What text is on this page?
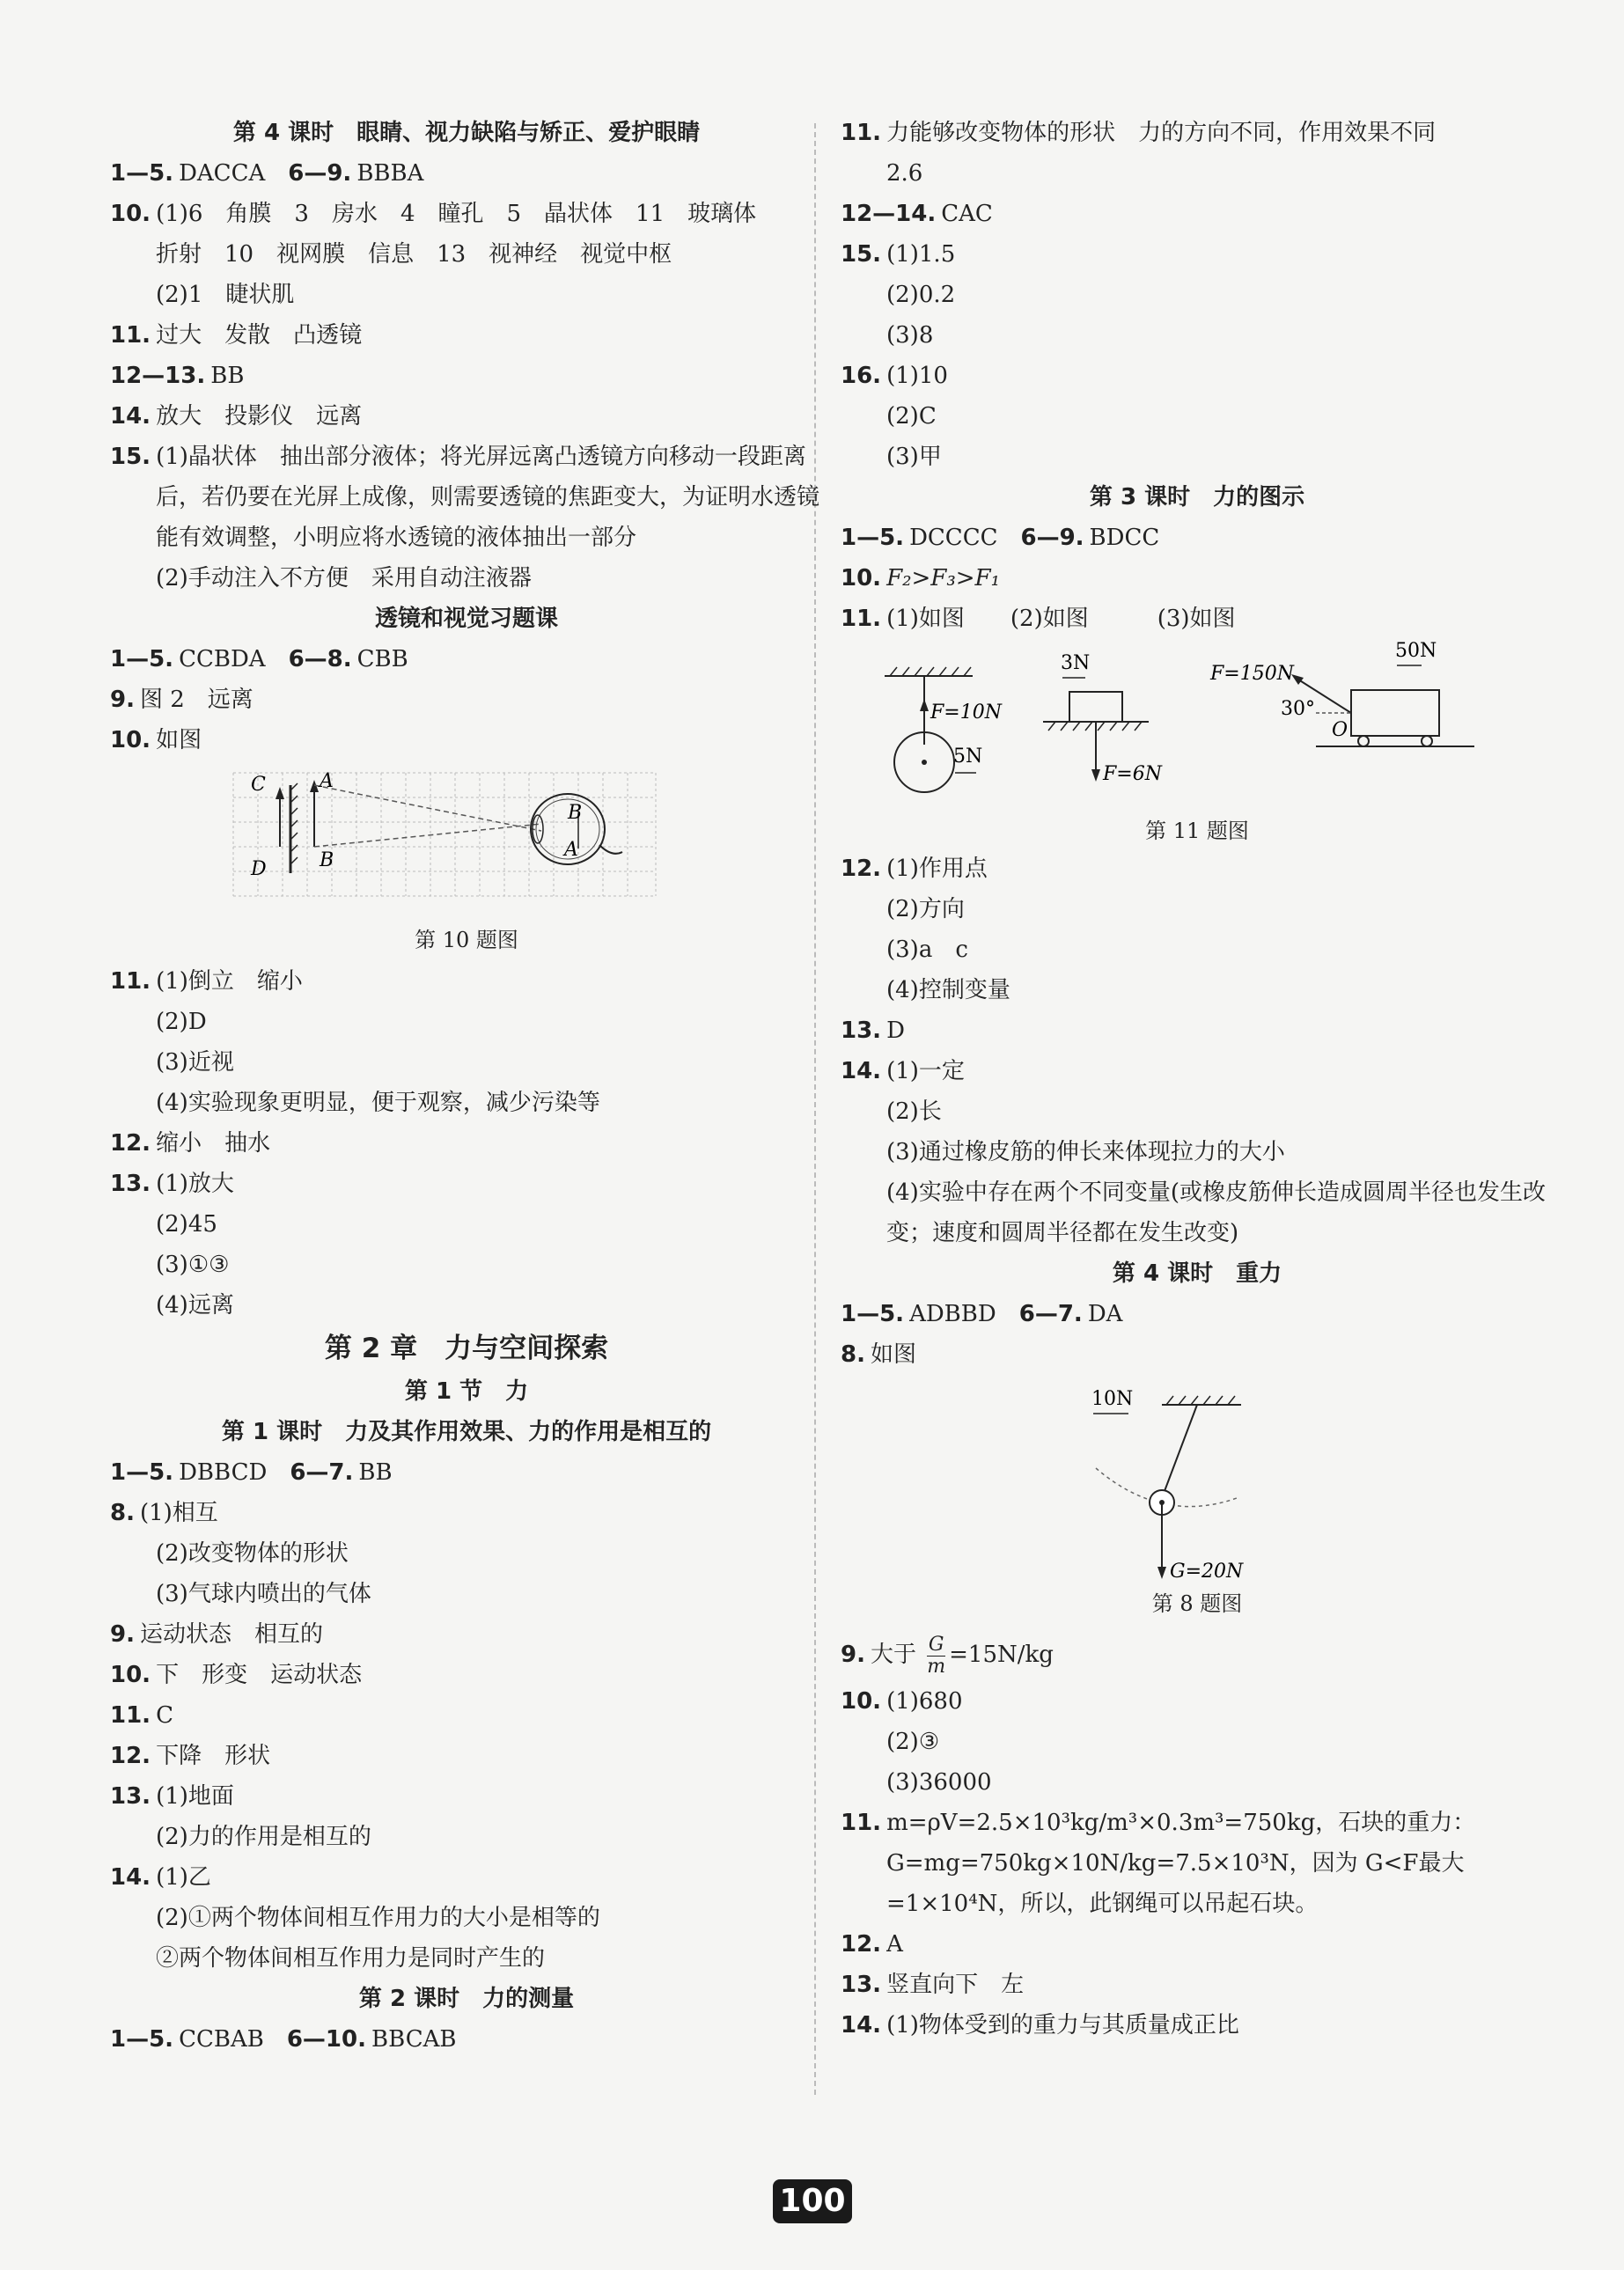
第 4 课时　眼睛、视力缺陷与矫正、爱护眼睛
1—5. DACCA　6—9. BBBA
10. (1)6　角膜　3　房水　4　瞳孔　5　晶状体　11　玻璃体
折射　10　视网膜　信息　13　视神经　视觉中枢
(2)1　睫状肌
11. 过大　发散　凸透镜
12—13. BB
14. 放大　投影仪　远离
15. (1)晶状体　抽出部分液体；将光屏远离凸透镜方向移动一段距离后，若仍要在光屏上成像，则需要透镜的焦距变大，为证明水透镜能有效调整，小明应将水透镜的液体抽出一部分
(2)手动注入不方便　采用自动注液器
透镜和视觉习题课
1—5. CCBDA　6—8. CBB
9. 图 2　远离
10. 如图
C	A
D	B
B
A
第 10 题图
11. (1)倒立　缩小
(2)D
(3)近视
(4)实验现象更明显，便于观察，减少污染等
12. 缩小　抽水
13. (1)放大
(2)45
(3)①③
(4)远离
第 2 章　力与空间探索
第 1 节　力
第 1 课时　力及其作用效果、力的作用是相互的
1—5. DBBCD　6—7. BB
8. (1)相互
(2)改变物体的形状
(3)气球内喷出的气体
9. 运动状态　相互的
10. 下　形变　运动状态
11. C
12. 下降　形状
13. (1)地面
(2)力的作用是相互的
14. (1)乙
(2)①两个物体间相互作用力的大小是相等的
②两个物体间相互作用力是同时产生的
第 2 课时　力的测量
1—5. CCBAB　6—10. BBCAB
11. 力能够改变物体的形状　力的方向不同，作用效果不同
2.6
12—14. CAC
15. (1)1.5
(2)0.2
(3)8
16. (1)10
(2)C
(3)甲
第 3 课时　力的图示
1—5. DCCCC　6—9. BDCC
10. F₂>F₃>F₁
11. (1)如图　　(2)如图　　　(3)如图
F=10N
5N
3N
F=6N
50N
F=150N
30°
O
第 11 题图
12. (1)作用点
(2)方向
(3)a　c
(4)控制变量
13. D
14. (1)一定
(2)长
(3)通过橡皮筋的伸长来体现拉力的大小
(4)实验中存在两个不同变量(或橡皮筋伸长造成圆周半径也发生改变；速度和圆周半径都在发生改变)
第 4 课时　重力
1—5. ADBBD　6—7. DA
8. 如图
10N
G=20N
第 8 题图
9. 大于 $\frac{G}{m} =15N/kg$
10. (1)680
(2)③
(3)36000
11. m=ρV=2.5×10³kg/m³×0.3m³=750kg，石块的重力：G=mg=750kg×10N/kg=7.5×10³N，因为 G<F最大=1×10⁴N，所以，此钢绳可以吊起石块。
12. A
13. 竖直向下　左
14. (1)物体受到的重力与其质量成正比
100
